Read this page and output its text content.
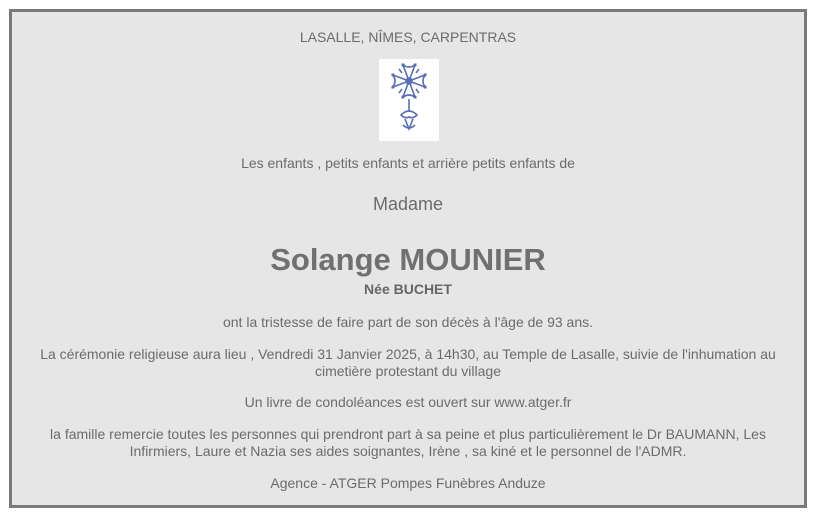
LASALLE, NÎMES, CARPENTRAS
Les enfants , petits enfants et arrière petits enfants de
Madame
Solange MOUNIER
Née BUCHET
ont la tristesse de faire part de son décès à l'âge de 93 ans.
La cérémonie religieuse aura lieu , Vendredi 31 Janvier 2025, à 14h30, au Temple de Lasalle, suivie de l'inhumation au cimetière protestant du village
Un livre de condoléances est ouvert sur www.atger.fr
la famille remercie toutes les personnes qui prendront part à sa peine et plus particulièrement le Dr BAUMANN, Les Infirmiers, Laure et Nazia ses aides soignantes, Irène , sa kiné et le personnel de l'ADMR.
Agence - ATGER Pompes Funèbres Anduze
